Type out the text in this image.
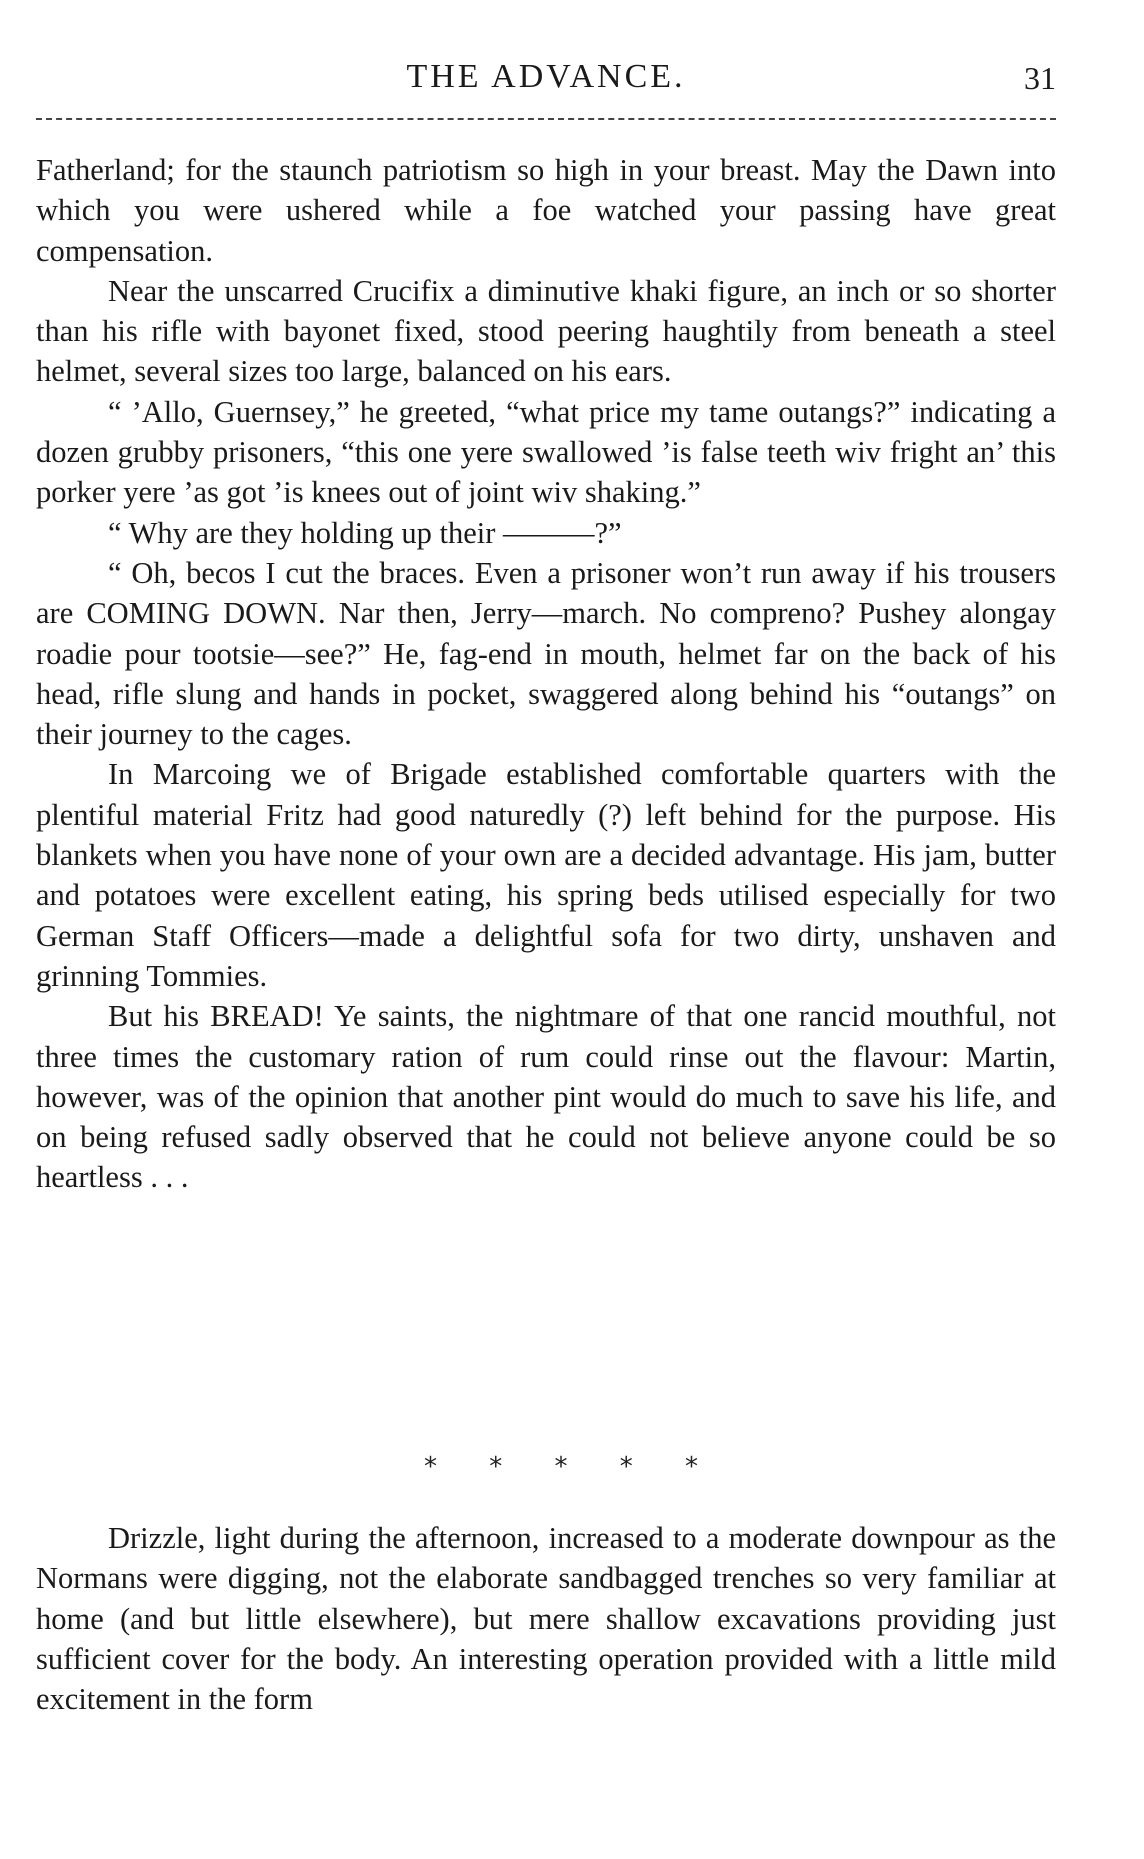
THE ADVANCE.	31

Fatherland; for the staunch patriotism so high in your breast. May the Dawn into which you were ushered while a foe watched your passing have great compensation.

Near the unscarred Crucifix a diminutive khaki figure, an inch or so shorter than his rifle with bayonet fixed, stood peering haughtily from beneath a steel helmet, several sizes too large, balanced on his ears.

“ ’Allo, Guernsey,” he greeted, “what price my tame outangs?” indicating a dozen grubby prisoners, “this one yere swallowed ’is false teeth wiv fright an’ this porker yere ’as got ’is knees out of joint wiv shaking.”

“ Why are they holding up their ———?”

“ Oh, becos I cut the braces. Even a prisoner won’t run away if his trousers are COMING DOWN. Nar then, Jerry—march. No compreno? Pushey alongay roadie pour tootsie—see?” He, fag-end in mouth, helmet far on the back of his head, rifle slung and hands in pocket, swaggered along behind his “outangs” on their journey to the cages.

In Marcoing we of Brigade established comfortable quarters with the plentiful material Fritz had good naturedly (?) left behind for the purpose. His blankets when you have none of your own are a decided advantage. His jam, butter and potatoes were excellent eating, his spring beds utilised especially for two German Staff Officers—made a delightful sofa for two dirty, unshaven and grinning Tommies.

But his BREAD! Ye saints, the nightmare of that one rancid mouthful, not three times the customary ration of rum could rinse out the flavour: Martin, however, was of the opinion that another pint would do much to save his life, and on being refused sadly observed that he could not believe anyone could be so heartless . . .

* * * * *

Drizzle, light during the afternoon, increased to a moderate downpour as the Normans were digging, not the elaborate sandbagged trenches so very familiar at home (and but little elsewhere), but mere shallow excavations providing just sufficient cover for the body. An interesting operation provided with a little mild excitement in the form
